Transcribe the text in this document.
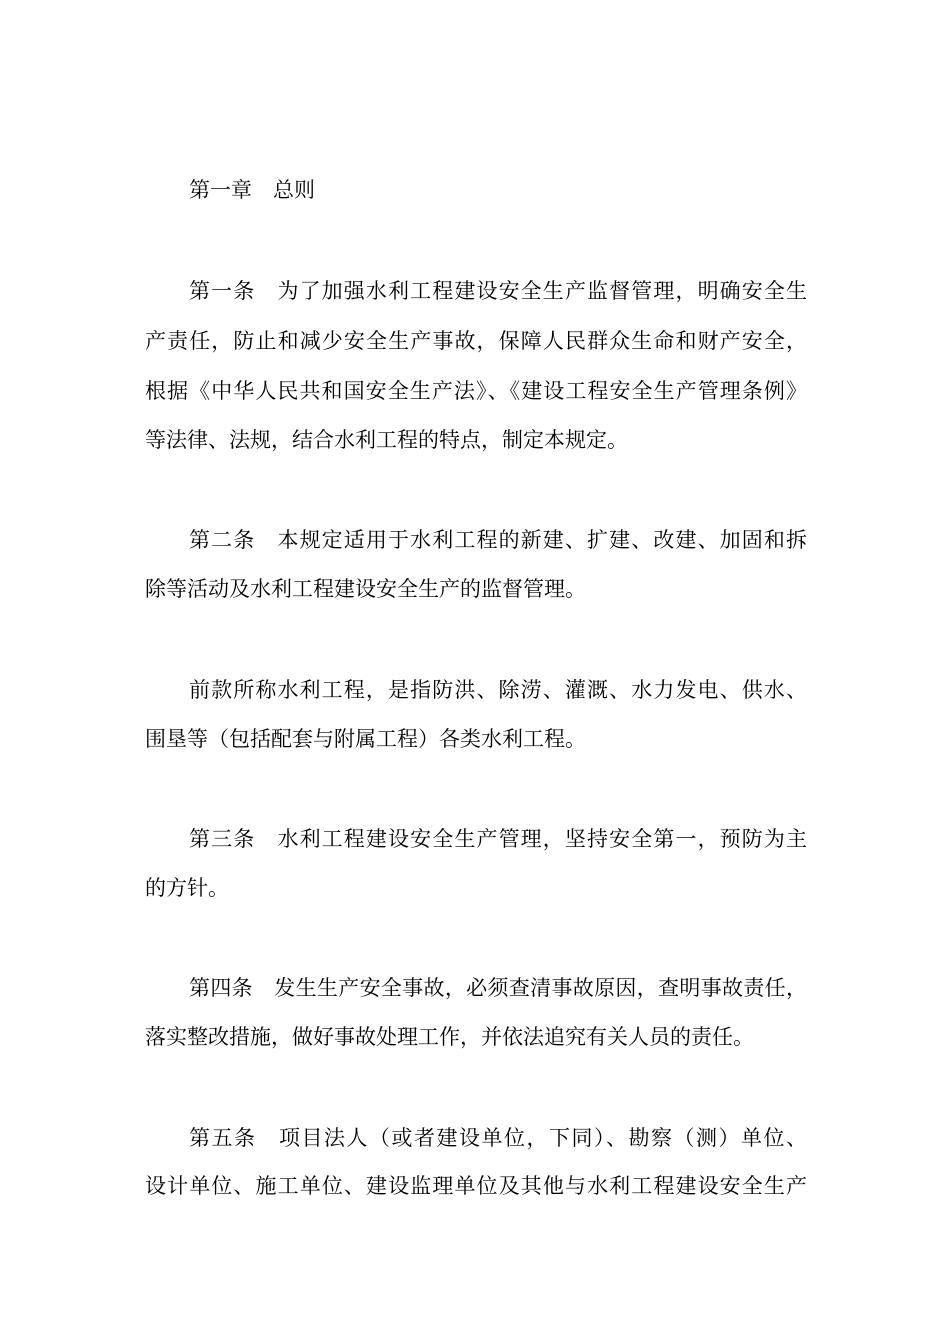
第一章 总则
第一条 为了加强水利工程建设安全生产监督管理，明确安全生
产责任，防止和减少安全生产事故，保障人民群众生命和财产安全，
根据《中华人民共和国安全生产法》、《建设工程安全生产管理条例》
等法律、法规，结合水利工程的特点，制定本规定。
第二条 本规定适用于水利工程的新建、扩建、改建、加固和拆
除等活动及水利工程建设安全生产的监督管理。
前款所称水利工程，是指防洪、除涝、灌溉、水力发电、供水、
围垦等（包括配套与附属工程）各类水利工程。
第三条 水利工程建设安全生产管理，坚持安全第一，预防为主
的方针。
第四条 发生生产安全事故，必须查清事故原因，查明事故责任，
落实整改措施，做好事故处理工作，并依法追究有关人员的责任。
第五条 项目法人（或者建设单位，下同）、勘察（测）单位、
设计单位、施工单位、建设监理单位及其他与水利工程建设安全生产
